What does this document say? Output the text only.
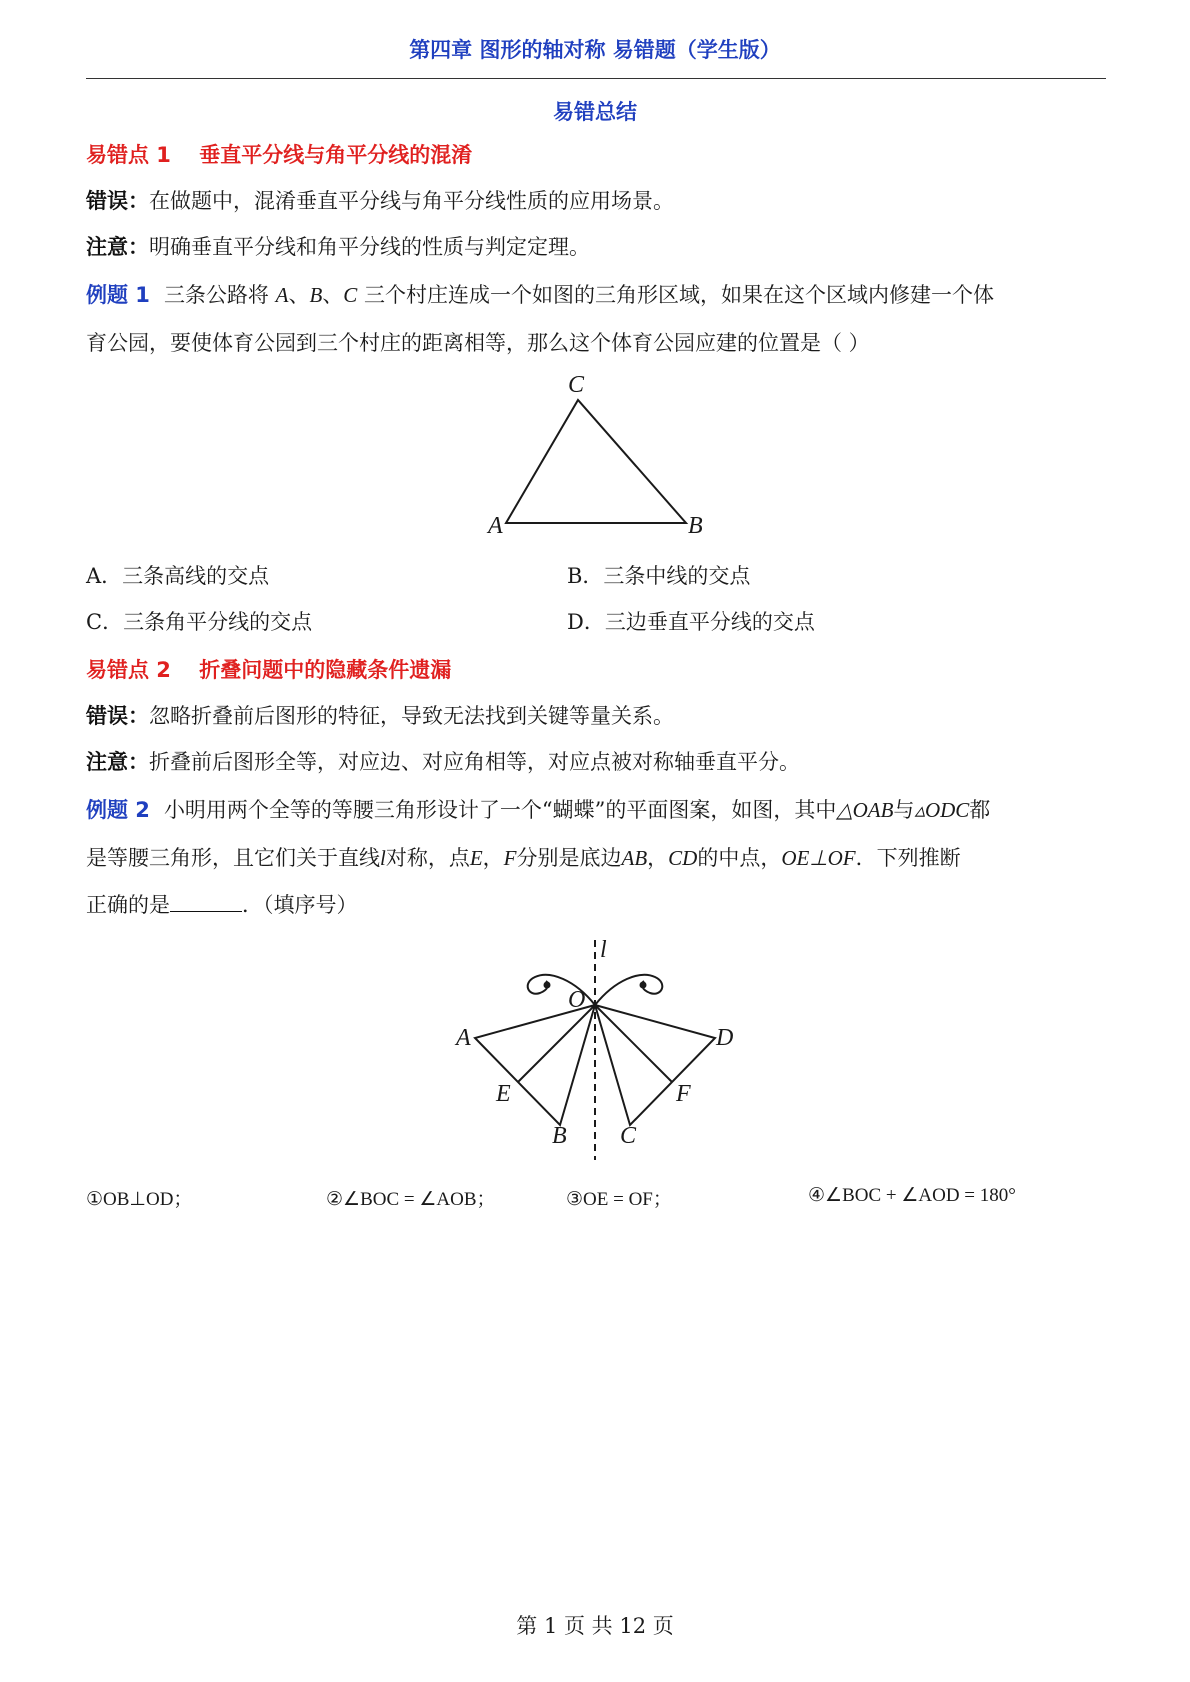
第四章 图形的轴对称 易错题（学生版）
易错总结
易错点 1　 垂直平分线与角平分线的混淆
错误：在做题中，混淆垂直平分线与角平分线性质的应用场景。
注意：明确垂直平分线和角平分线的性质与判定定理。
例题 1 三条公路将 A、B、C 三个村庄连成一个如图的三角形区域，如果在这个区域内修建一个体
育公园，要使体育公园到三个村庄的距离相等，那么这个体育公园应建的位置是（ ）
C
A	B
A．三条高线的交点	B．三条中线的交点
C．三条角平分线的交点	D．三边垂直平分线的交点
易错点 2　 折叠问题中的隐藏条件遗漏
错误：忽略折叠前后图形的特征，导致无法找到关键等量关系。
注意：折叠前后图形全等，对应边、对应角相等，对应点被对称轴垂直平分。
例题 2 小明用两个全等的等腰三角形设计了一个“蝴蝶”的平面图案，如图，其中△OAB与▵ODC都
是等腰三角形，且它们关于直线l对称，点E，F分别是底边AB，CD的中点，OE⊥OF．下列推断
正确的是	．（填序号）
l
O
A	D
E	F
B C
①OB⊥OD；	②∠BOC = ∠AOB；	③OE = OF；	④∠BOC + ∠AOD = 180°
第 1 页 共 12 页
